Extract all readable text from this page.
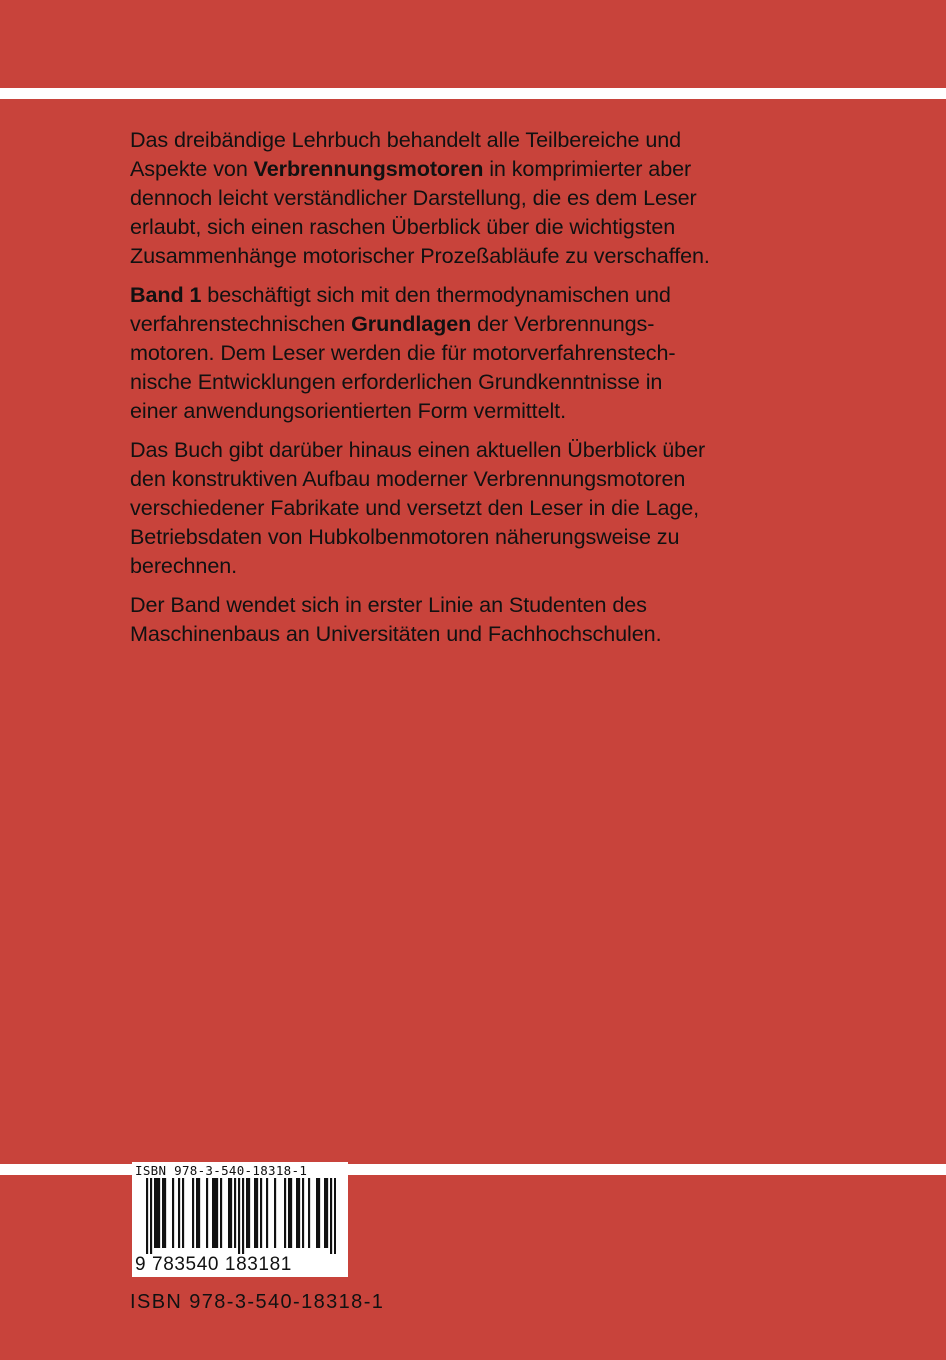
Das dreibändige Lehrbuch behandelt alle Teilbereiche und
Aspekte von Verbrennungsmotoren in komprimierter aber
dennoch leicht verständlicher Darstellung, die es dem Leser
erlaubt, sich einen raschen Überblick über die wichtigsten
Zusammenhänge motorischer Prozeßabläufe zu verschaffen.

Band 1 beschäftigt sich mit den thermodynamischen und
verfahrenstechnischen Grundlagen der Verbrennungs-
motoren. Dem Leser werden die für motorverfahrenstech-
nische Entwicklungen erforderlichen Grundkenntnisse in
einer anwendungsorientierten Form vermittelt.

Das Buch gibt darüber hinaus einen aktuellen Überblick über
den konstruktiven Aufbau moderner Verbrennungsmotoren
verschiedener Fabrikate und versetzt den Leser in die Lage,
Betriebsdaten von Hubkolbenmotoren näherungsweise zu
berechnen.

Der Band wendet sich in erster Linie an Studenten des
Maschinenbaus an Universitäten und Fachhochschulen.

ISBN 978-3-540-18318-1
9 783540 183181
ISBN 978-3-540-18318-1
